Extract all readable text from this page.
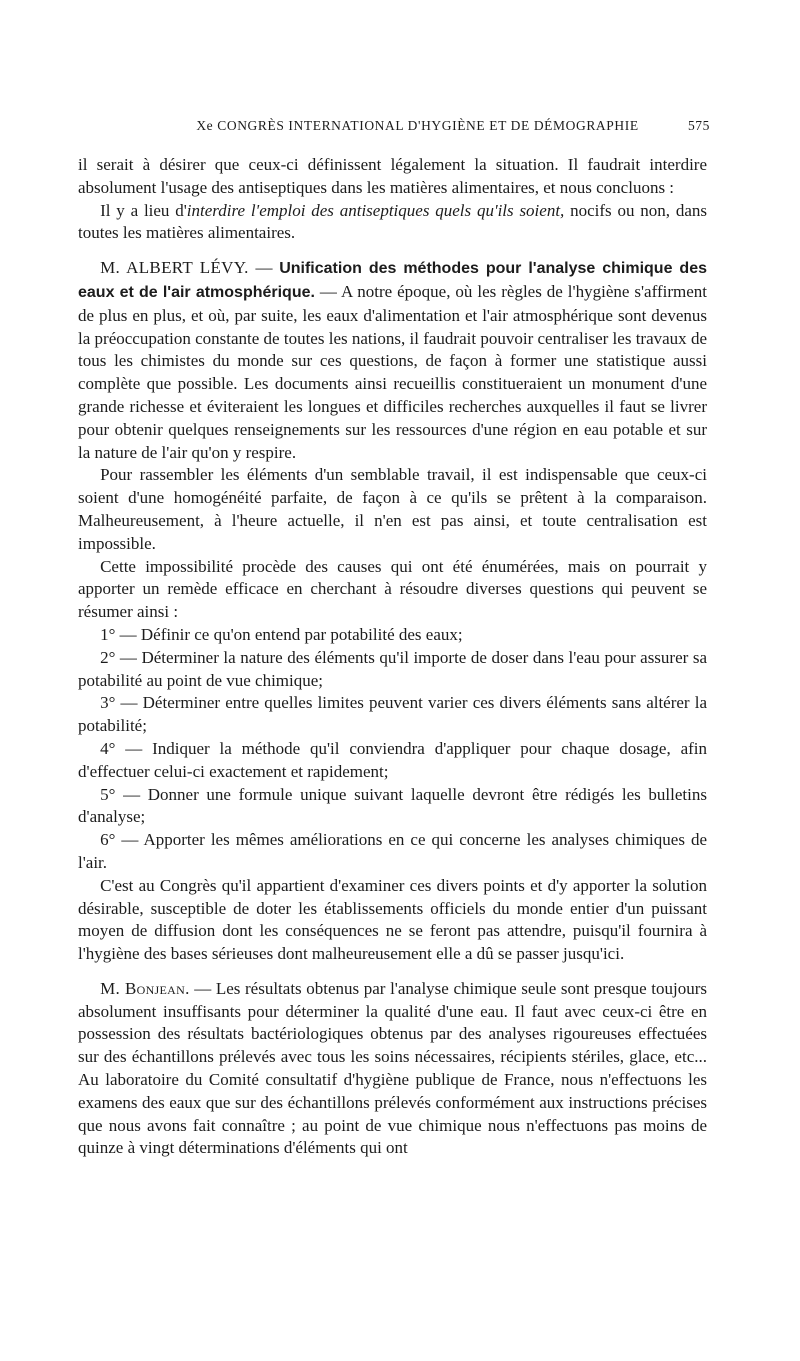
Xe CONGRÈS INTERNATIONAL D'HYGIÈNE ET DE DÉMOGRAPHIE	575

il serait à désirer que ceux-ci définissent légalement la situation. Il faudrait interdire absolument l'usage des antiseptiques dans les matières alimentaires, et nous concluons :

Il y a lieu d'interdire l'emploi des antiseptiques quels qu'ils soient, nocifs ou non, dans toutes les matières alimentaires.

M. ALBERT LÉVY. — Unification des méthodes pour l'analyse chimique des eaux et de l'air atmosphérique. — A notre époque, où les règles de l'hygiène s'affirment de plus en plus, et où, par suite, les eaux d'alimentation et l'air atmosphérique sont devenus la préoccupation constante de toutes les nations, il faudrait pouvoir centraliser les travaux de tous les chimistes du monde sur ces questions, de façon à former une statistique aussi complète que possible. Les documents ainsi recueillis constitueraient un monument d'une grande richesse et éviteraient les longues et difficiles recherches auxquelles il faut se livrer pour obtenir quelques renseignements sur les ressources d'une région en eau potable et sur la nature de l'air qu'on y respire.

Pour rassembler les éléments d'un semblable travail, il est indispensable que ceux-ci soient d'une homogénéité parfaite, de façon à ce qu'ils se prêtent à la comparaison. Malheureusement, à l'heure actuelle, il n'en est pas ainsi, et toute centralisation est impossible.

Cette impossibilité procède des causes qui ont été énumérées, mais on pourrait y apporter un remède efficace en cherchant à résoudre diverses questions qui peuvent se résumer ainsi :

1° — Définir ce qu'on entend par potabilité des eaux;

2° — Déterminer la nature des éléments qu'il importe de doser dans l'eau pour assurer sa potabilité au point de vue chimique;

3° — Déterminer entre quelles limites peuvent varier ces divers éléments sans altérer la potabilité;

4° — Indiquer la méthode qu'il conviendra d'appliquer pour chaque dosage, afin d'effectuer celui-ci exactement et rapidement;

5° — Donner une formule unique suivant laquelle devront être rédigés les bulletins d'analyse;

6° — Apporter les mêmes améliorations en ce qui concerne les analyses chimiques de l'air.

C'est au Congrès qu'il appartient d'examiner ces divers points et d'y apporter la solution désirable, susceptible de doter les établissements officiels du monde entier d'un puissant moyen de diffusion dont les conséquences ne se feront pas attendre, puisqu'il fournira à l'hygiène des bases sérieuses dont malheureusement elle a dû se passer jusqu'ici.

M. Bonjean. — Les résultats obtenus par l'analyse chimique seule sont presque toujours absolument insuffisants pour déterminer la qualité d'une eau. Il faut avec ceux-ci être en possession des résultats bactériologiques obtenus par des analyses rigoureuses effectuées sur des échantillons prélevés avec tous les soins nécessaires, récipients stériles, glace, etc... Au laboratoire du Comité consultatif d'hygiène publique de France, nous n'effectuons les examens des eaux que sur des échantillons prélevés conformément aux instructions précises que nous avons fait connaître ; au point de vue chimique nous n'effectuons pas moins de quinze à vingt déterminations d'éléments qui ont
